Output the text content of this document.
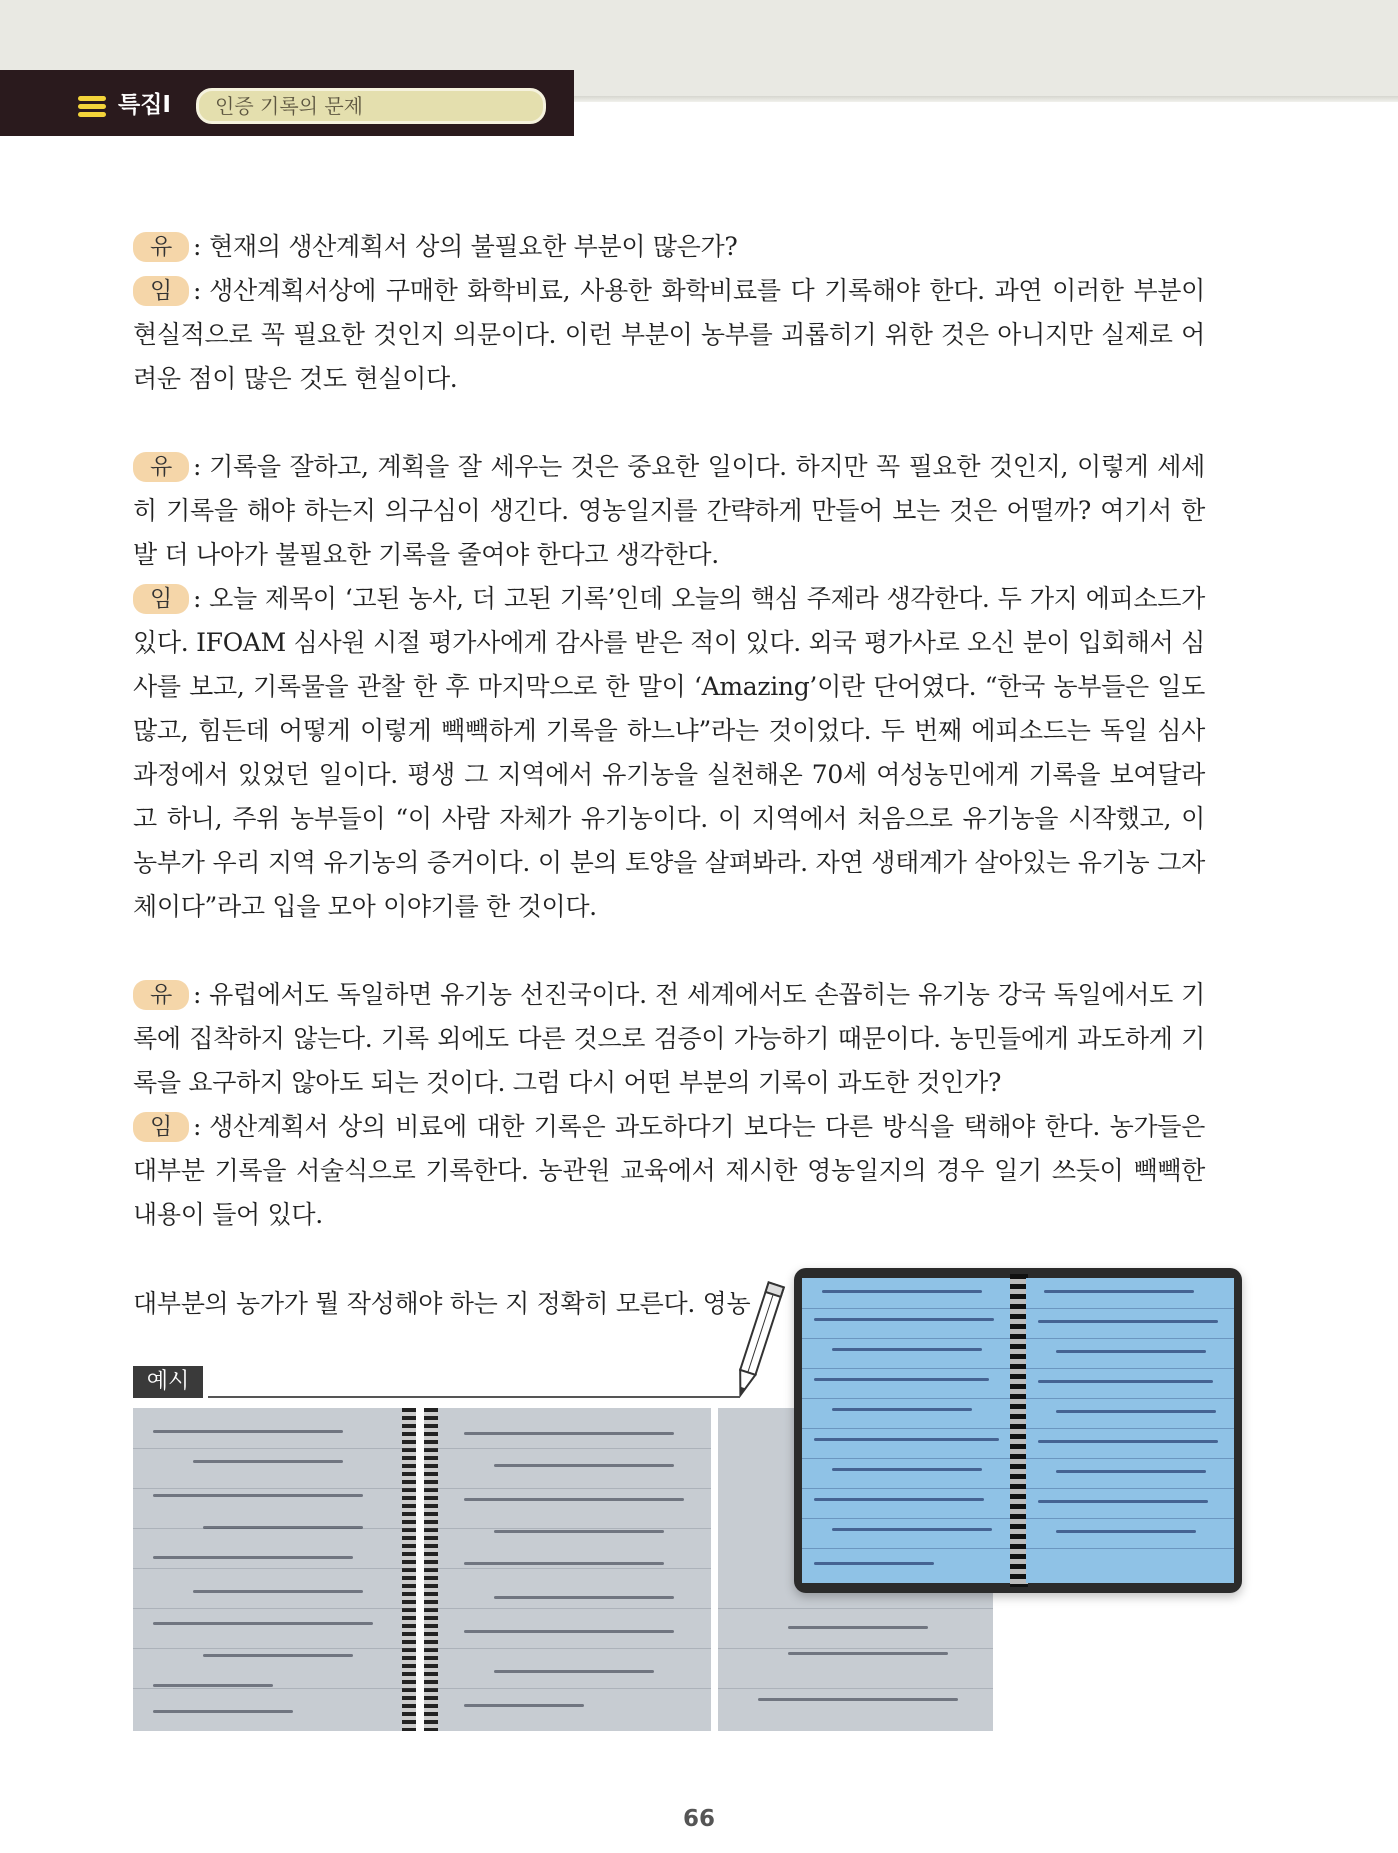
특집Ⅰ	인증 기록의 문제

유 : 현재의 생산계획서 상의 불필요한 부분이 많은가?

임 : 생산계획서상에 구매한 화학비료, 사용한 화학비료를 다 기록해야 한다. 과연 이러한 부분이 현실적으로 꼭 필요한 것인지 의문이다. 이런 부분이 농부를 괴롭히기 위한 것은 아니지만 실제로 어려운 점이 많은 것도 현실이다.

유 : 기록을 잘하고, 계획을 잘 세우는 것은 중요한 일이다. 하지만 꼭 필요한 것인지, 이렇게 세세히 기록을 해야 하는지 의구심이 생긴다. 영농일지를 간략하게 만들어 보는 것은 어떨까? 여기서 한 발 더 나아가 불필요한 기록을 줄여야 한다고 생각한다.

임 : 오늘 제목이 ‘고된 농사, 더 고된 기록’인데 오늘의 핵심 주제라 생각한다. 두 가지 에피소드가 있다. IFOAM 심사원 시절 평가사에게 감사를 받은 적이 있다. 외국 평가사로 오신 분이 입회해서 심사를 보고, 기록물을 관찰 한 후 마지막으로 한 말이 ‘Amazing’이란 단어였다. “한국 농부들은 일도 많고, 힘든데 어떻게 이렇게 빽빽하게 기록을 하느냐”라는 것이었다. 두 번째 에피소드는 독일 심사과정에서 있었던 일이다. 평생 그 지역에서 유기농을 실천해온 70세 여성농민에게 기록을 보여달라고 하니, 주위 농부들이 “이 사람 자체가 유기농이다. 이 지역에서 처음으로 유기농을 시작했고, 이 농부가 우리 지역 유기농의 증거이다. 이 분의 토양을 살펴봐라. 자연 생태계가 살아있는 유기농 그자체이다”라고 입을 모아 이야기를 한 것이다.

유 : 유럽에서도 독일하면 유기농 선진국이다. 전 세계에서도 손꼽히는 유기농 강국 독일에서도 기록에 집착하지 않는다. 기록 외에도 다른 것으로 검증이 가능하기 때문이다. 농민들에게 과도하게 기록을 요구하지 않아도 되는 것이다. 그럼 다시 어떤 부분의 기록이 과도한 것인가?

임 : 생산계획서 상의 비료에 대한 기록은 과도하다기 보다는 다른 방식을 택해야 한다. 농가들은 대부분 기록을 서술식으로 기록한다. 농관원 교육에서 제시한 영농일지의 경우 일기 쓰듯이 빽빽한 내용이 들어 있다.

대부분의 농가가 뭘 작성해야 하는 지 정확히 모른다. 영농
예시
66
